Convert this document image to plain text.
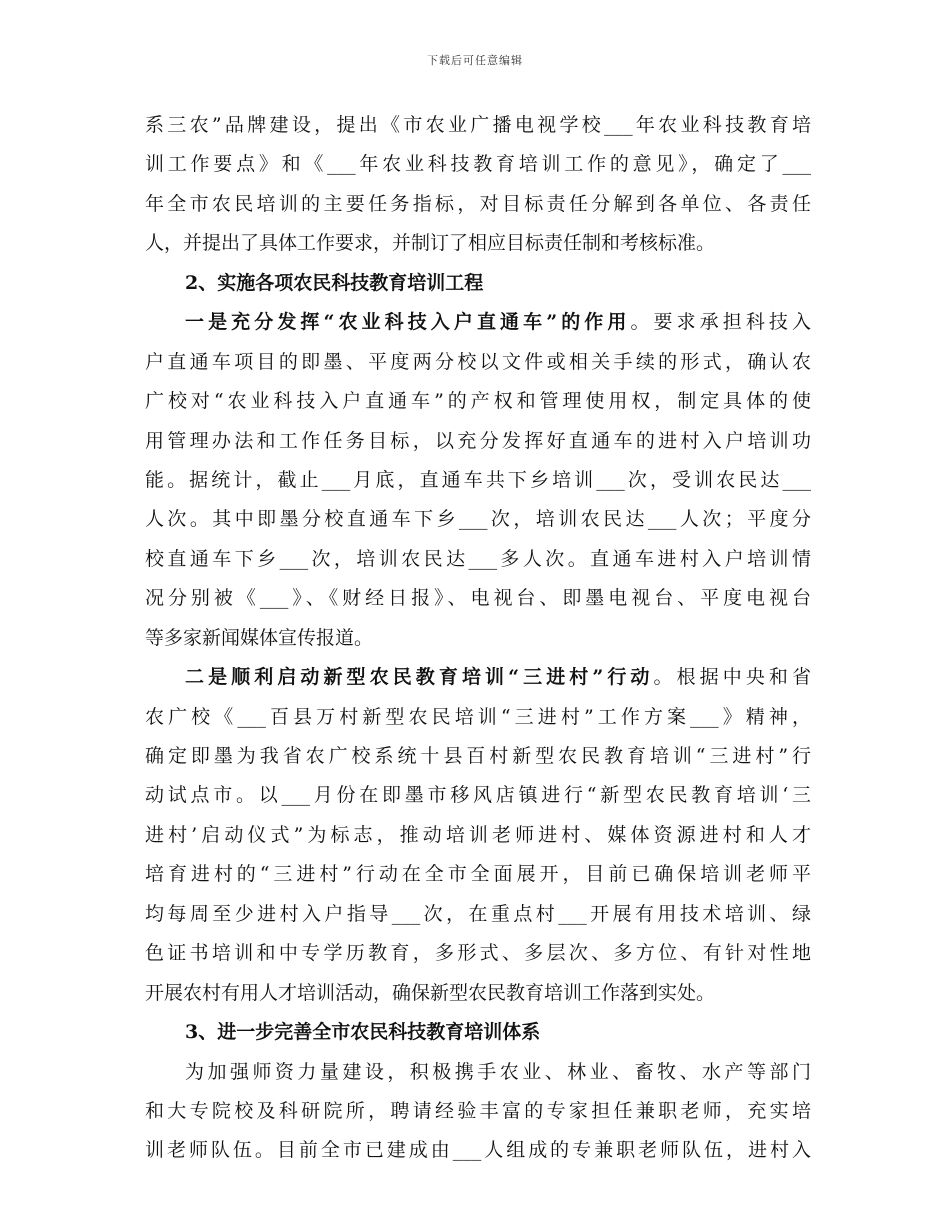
下载后可任意编辑
系三农”品牌建设，提出《市农业广播电视学校___年农业科技教育培
训工作要点》和《___年农业科技教育培训工作的意见》，确定了___
年全市农民培训的主要任务指标，对目标责任分解到各单位、各责任
人，并提出了具体工作要求，并制订了相应目标责任制和考核标准。
2、实施各项农民科技教育培训工程
一是充分发挥“农业科技入户直通车”的作用。要求承担科技入
户直通车项目的即墨、平度两分校以文件或相关手续的形式，确认农
广校对“农业科技入户直通车”的产权和管理使用权，制定具体的使
用管理办法和工作任务目标，以充分发挥好直通车的进村入户培训功
能。据统计，截止___月底，直通车共下乡培训___次，受训农民达___
人次。其中即墨分校直通车下乡___次，培训农民达___人次；平度分
校直通车下乡___次，培训农民达___多人次。直通车进村入户培训情
况分别被《___》、《财经日报》、电视台、即墨电视台、平度电视台
等多家新闻媒体宣传报道。
二是顺利启动新型农民教育培训“三进村”行动。根据中央和省
农广校《___百县万村新型农民培训“三进村”工作方案___》精神，
确定即墨为我省农广校系统十县百村新型农民教育培训“三进村”行
动试点市。以___月份在即墨市移风店镇进行“新型农民教育培训‘三
进村’启动仪式”为标志，推动培训老师进村、媒体资源进村和人才
培育进村的“三进村”行动在全市全面展开，目前已确保培训老师平
均每周至少进村入户指导___次，在重点村___开展有用技术培训、绿
色证书培训和中专学历教育，多形式、多层次、多方位、有针对性地
开展农村有用人才培训活动，确保新型农民教育培训工作落到实处。
3、进一步完善全市农民科技教育培训体系
为加强师资力量建设，积极携手农业、林业、畜牧、水产等部门
和大专院校及科研院所，聘请经验丰富的专家担任兼职老师，充实培
训老师队伍。目前全市已建成由___人组成的专兼职老师队伍，进村入
